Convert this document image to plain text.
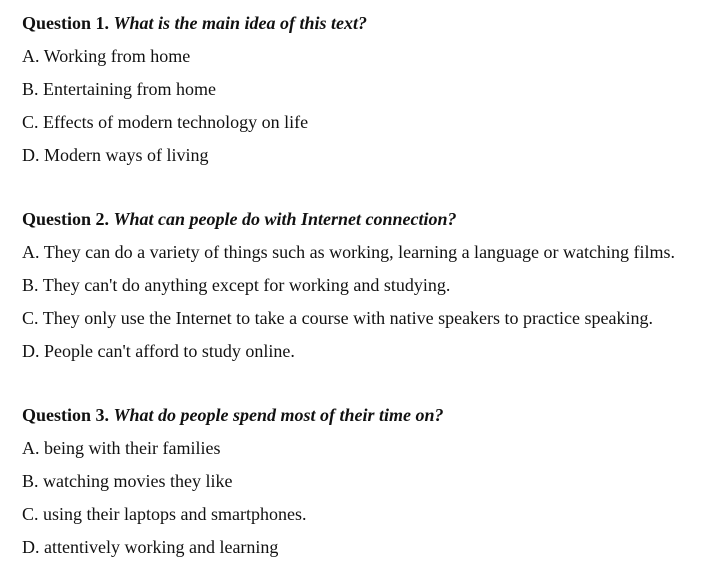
Question 1. What is the main idea of this text?

A. Working from home
B. Entertaining from home
C. Effects of modern technology on life
D. Modern ways of living

Question 2. What can people do with Internet connection?

A. They can do a variety of things such as working, learning a language or watching films.
B. They can't do anything except for working and studying.
C. They only use the Internet to take a course with native speakers to practice speaking.
D. People can't afford to study online.

Question 3. What do people spend most of their time on?

A. being with their families
B. watching movies they like
C. using their laptops and smartphones.
D. attentively working and learning
